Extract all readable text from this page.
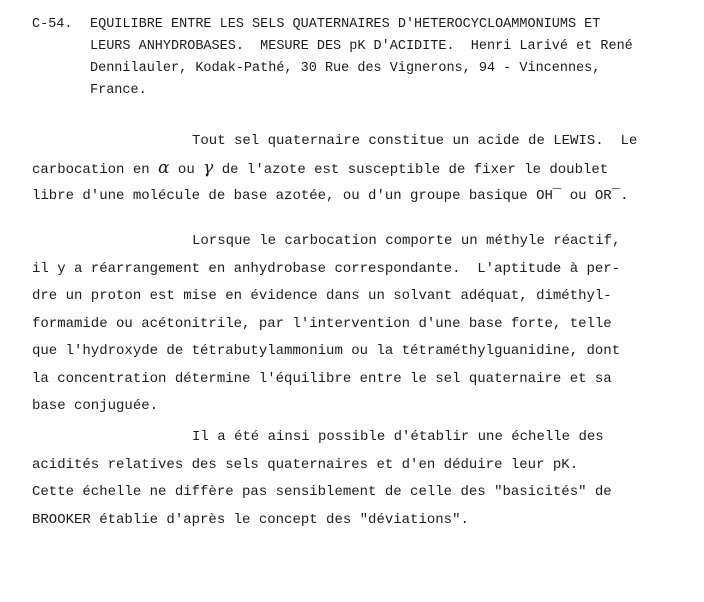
C-54. EQUILIBRE ENTRE LES SELS QUATERNAIRES D'HETEROCYCLOAMMONIUMS ET
LEURS ANHYDROBASES.  MESURE DES pK D'ACIDITE.  Henri Larivé et René
Dennilauler, Kodak-Pathé, 30 Rue des Vignerons, 94 - Vincennes,
France.
Tout sel quaternaire constitue un acide de LEWIS.  Le
carbocation en α ou γ de l'azote est susceptible de fixer le doublet
libre d'une molécule de base azotée, ou d'un groupe basique OH¯ ou OR¯.
Lorsque le carbocation comporte un méthyle réactif,
il y a réarrangement en anhydrobase correspondante.  L'aptitude à per-
dre un proton est mise en évidence dans un solvant adéquat, diméthyl-
formamide ou acétonitrile, par l'intervention d'une base forte, telle
que l'hydroxyde de tétrabutylammonium ou la tétraméthylguanidine, dont
la concentration détermine l'équilibre entre le sel quaternaire et sa
base conjuguée.
Il a été ainsi possible d'établir une échelle des
acidités relatives des sels quaternaires et d'en déduire leur pK.
Cette échelle ne diffère pas sensiblement de celle des "basicités" de
BROOKER établie d'après le concept des "déviations".
